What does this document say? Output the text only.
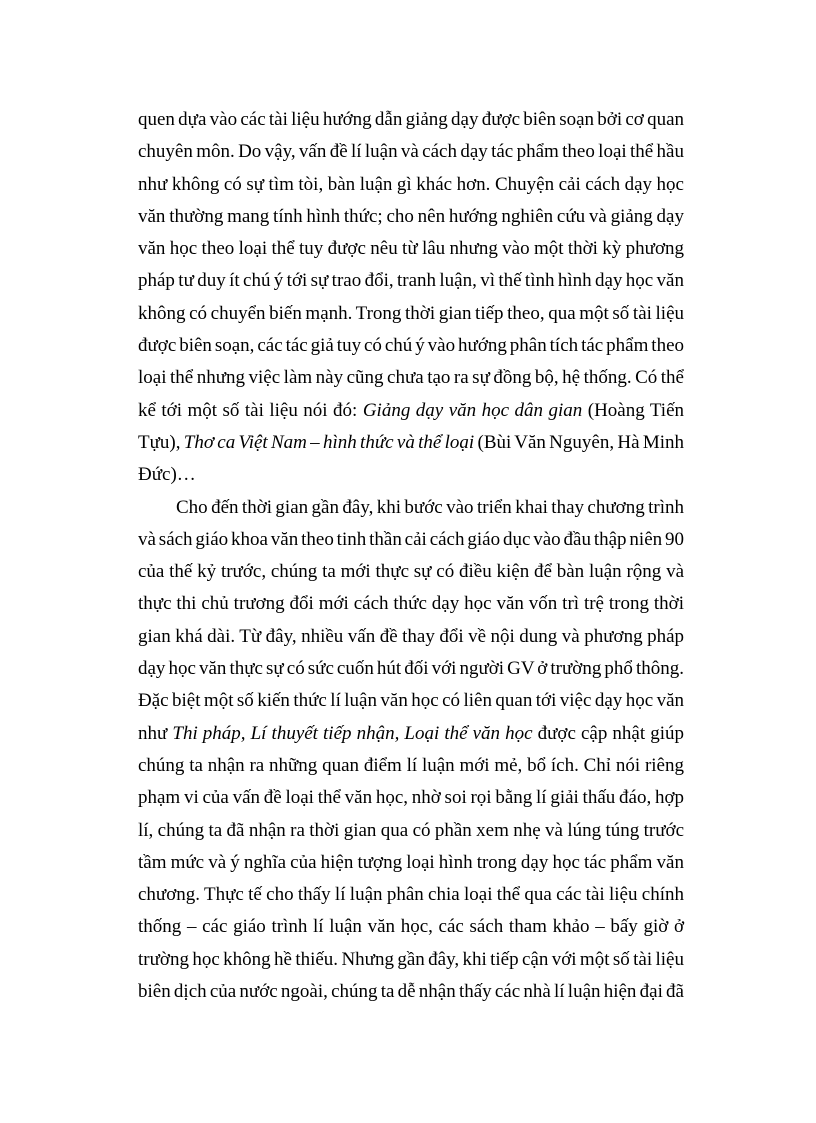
quen dựa vào các tài liệu hướng dẫn giảng dạy được biên soạn bởi cơ quan
chuyên môn. Do vậy, vấn đề lí luận và cách dạy tác phẩm theo loại thể hầu
như không có sự tìm tòi, bàn luận gì khác hơn. Chuyện cải cách dạy học
văn thường mang tính hình thức; cho nên hướng nghiên cứu và giảng dạy
văn học theo loại thể tuy được nêu từ lâu nhưng vào một thời kỳ phương
pháp tư duy ít chú ý tới sự trao đổi, tranh luận, vì thế tình hình dạy học văn
không có chuyển biến mạnh. Trong thời gian tiếp theo, qua một số tài liệu
được biên soạn, các tác giả tuy có chú ý vào hướng phân tích tác phẩm theo
loại thể nhưng việc làm này cũng chưa tạo ra sự đồng bộ, hệ thống. Có thể
kể tới một số tài liệu nói đó: Giảng dạy văn học dân gian (Hoàng Tiến
Tựu), Thơ ca Việt Nam – hình thức và thể loại (Bùi Văn Nguyên, Hà Minh
Đức)…
Cho đến thời gian gần đây, khi bước vào triển khai thay chương trình
và sách giáo khoa văn theo tinh thần cải cách giáo dục vào đầu thập niên 90
của thế kỷ trước, chúng ta mới thực sự có điều kiện để bàn luận rộng và
thực thi chủ trương đổi mới cách thức dạy học văn vốn trì trệ trong thời
gian khá dài. Từ đây, nhiều vấn đề thay đổi về nội dung và phương pháp
dạy học văn thực sự có sức cuốn hút đối với người GV ở trường phổ thông.
Đặc biệt một số kiến thức lí luận văn học có liên quan tới việc dạy học văn
như Thi pháp, Lí thuyết tiếp nhận, Loại thể văn học được cập nhật giúp
chúng ta nhận ra những quan điểm lí luận mới mẻ, bổ ích. Chỉ nói riêng
phạm vi của vấn đề loại thể văn học, nhờ soi rọi bằng lí giải thấu đáo, hợp
lí, chúng ta đã nhận ra thời gian qua có phần xem nhẹ và lúng túng trước
tầm mức và ý nghĩa của hiện tượng loại hình trong dạy học tác phẩm văn
chương. Thực tế cho thấy lí luận phân chia loại thể qua các tài liệu chính
thống – các giáo trình lí luận văn học, các sách tham khảo – bấy giờ ở
trường học không hề thiếu. Nhưng gần đây, khi tiếp cận với một số tài liệu
biên dịch của nước ngoài, chúng ta dễ nhận thấy các nhà lí luận hiện đại đã
